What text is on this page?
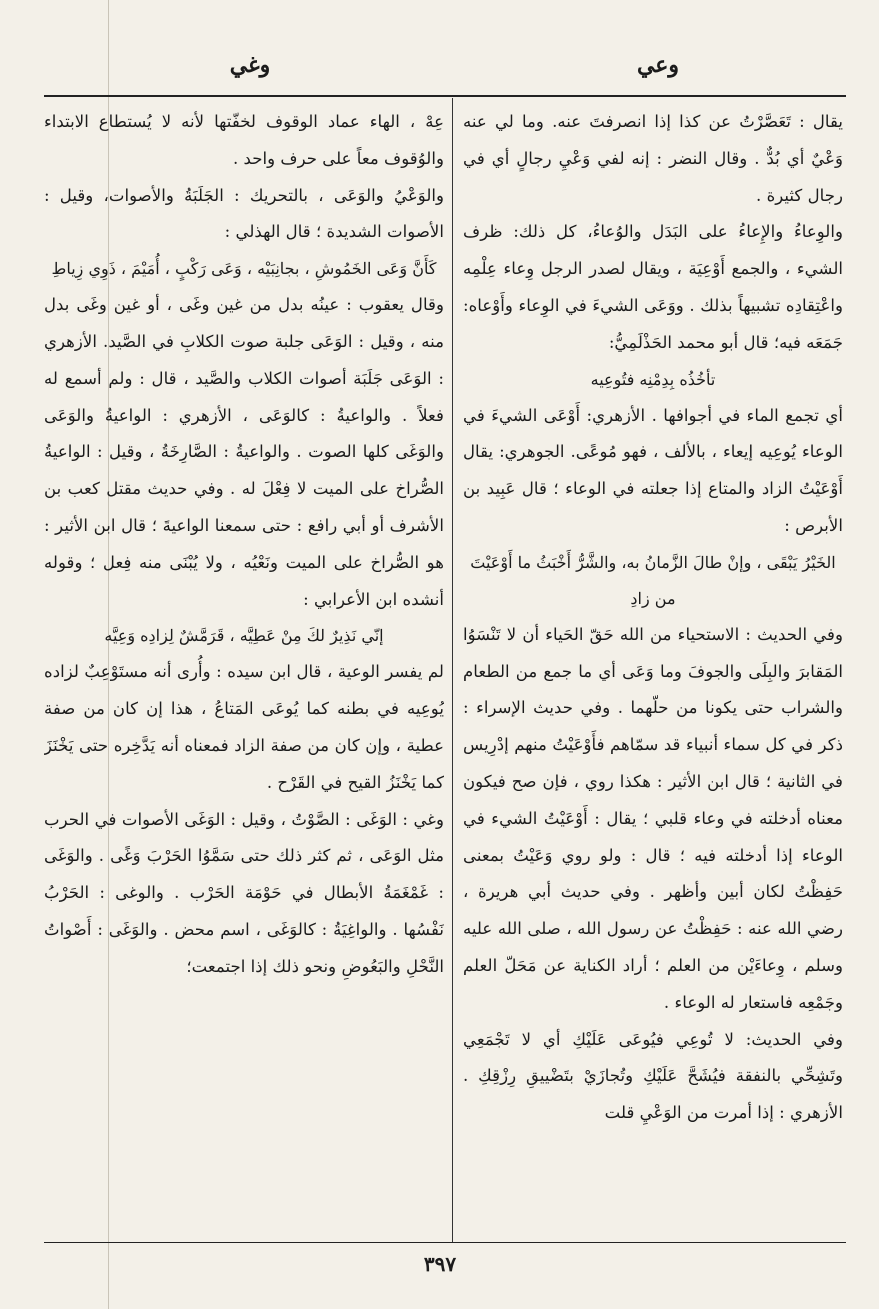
وعي
وغي

يقال : تَعَصَّرْتُ عن كذا إذا انصرفتَ عنه. وما لي عنه وَعْيٌ أي بُدٌّ . وقال النضر : إنه لفي وَعْيِ رجالٍ أي في رجال كثيرة .

والوِعاءُ والإِعاءُ على البَدَل والوُعاءُ، كل ذلك: ظرف الشيء ، والجمع أَوْعِيَة ، ويقال لصدر الرجل وِعاء عِلْمِه واعْتِقادِه تشبيهاً بذلك . ووَعَى الشيءَ في الوِعاء وأَوْعاه: جَمَعَه فيه؛ قال أبو محمد الحَذْلَمِيُّ:

تأخُذُه بِدِمْنِه فتُوعِيه

أي تجمع الماء في أجوافها . الأزهري: أَوْعَى الشيءَ في الوعاء يُوعِيه إيعاء ، بالألف ، فهو مُوعًى. الجوهري: يقال أَوْعَيْتُ الزاد والمتاع إذا جعلته في الوعاء ؛ قال عَبِيد بن الأبرص :

الخَيْرُ يَبْقَى ، وإنْ طالَ الزَّمانُ به، والشَّرُّ أَخْبَثُ ما أَوْعَيْتَ من زادِ

وفي الحديث : الاستحياء من الله حَقّ الحَياء أن لا تَنْسَوُا المَقابرَ والبِلَى والجوفَ وما وَعَى أي ما جمع من الطعام والشراب حتى يكونا من حلّهما . وفي حديث الإسراء : ذكر في كل سماء أنبياء قد سمّاهم فأَوْعَيْتُ منهم إدْرِيس في الثانية ؛ قال ابن الأثير : هكذا روي ، فإن صح فيكون معناه أدخلته في وعاء قلبي ؛ يقال : أَوْعَيْتُ الشيء في الوعاء إذا أدخلته فيه ؛ قال : ولو روي وَعَيْتُ بمعنى حَفِظْتُ لكان أبين وأظهر . وفي حديث أبي هريرة ، رضي الله عنه : حَفِظْتُ عن رسول الله ، صلى الله عليه وسلم ، وِعاءَيْن من العلم ؛ أراد الكناية عن مَحَلّ العلم وجَمْعِه فاستعار له الوعاء .

وفي الحديث: لا تُوعِي فيُوعَى عَلَيْكِ أي لا تَجْمَعِي وتَشِحِّي بالنفقة فيُشَحَّ عَلَيْكِ وتُجازَيْ بتَضْييقِ رِزْقِكِ . الأزهري : إذا أمرت من الوَعْيِ قلت

عِهْ ، الهاء عماد الوقوف لخفّتها لأنه لا يُستطاع الابتداء والوُقوف معاً على حرف واحد .

والوَعْيُ والوَعَى ، بالتحريك : الجَلَبَةُ والأصوات، وقيل : الأصوات الشديدة ؛ قال الهذلي :

كَأَنَّ وَعَى الخَمُوشِ ، بجانِبَيْه ، وَعَى رَكْبٍ ، أُمَيْمَ ، ذَوِي زِياطِ

وقال يعقوب : عينُه بدل من غين وغَى ، أو غين وغَى بدل منه ، وقيل : الوَعَى جلبة صوت الكلابِ في الصَّيد. الأزهري : الوَعَى جَلَبَة أصوات الكلاب والصَّيد ، قال : ولم أسمع له فعلاً . والواعيةُ : كالوَعَى ، الأزهري : الواعيةُ والوَعَى والوَغَى كلها الصوت . والواعيةُ : الصَّارِخَةُ ، وقيل : الواعيةُ الصُّراخ على الميت لا فِعْلَ له . وفي حديث مقتل كعب بن الأشرف أو أبي رافع : حتى سمعنا الواعيةَ ؛ قال ابن الأثير : هو الصُّراخ على الميت ونَعْيُه ، ولا يُبْنَى منه فِعل ؛ وقوله أنشده ابن الأعرابي :

إنّي نَذِيرٌ لكَ مِنْ عَطِيَّه ، قَرَمَّشٌ لِزادِه وَعِيَّه

لم يفسر الوعية ، قال ابن سيده : وأُرى أنه مستَوْعِبٌ لزاده يُوعِيه في بطنه كما يُوعَى المَتاعُ ، هذا إن كان من صفة عطية ، وإن كان من صفة الزاد فمعناه أنه يَدَّخِره حتى يَخْنَزَ كما يَخْنَزُ القيح في القَرْح .

وغي : الوَغَى : الصَّوْتُ ، وقيل : الوَغَى الأصوات في الحرب مثل الوَعَى ، ثم كثر ذلك حتى سَمَّوُا الحَرْبَ وَغًى . والوَغَى : غَمْغَمَةُ الأبطال في حَوْمَة الحَرْب . والوغى : الحَرْبُ نَفْسُها . والواغِيَةُ : كالوَغَى ، اسم محض . والوَغَى : أَصْواتُ النَّحْلِ والبَعُوضِ ونحو ذلك إذا اجتمعت؛

٣٩٧
